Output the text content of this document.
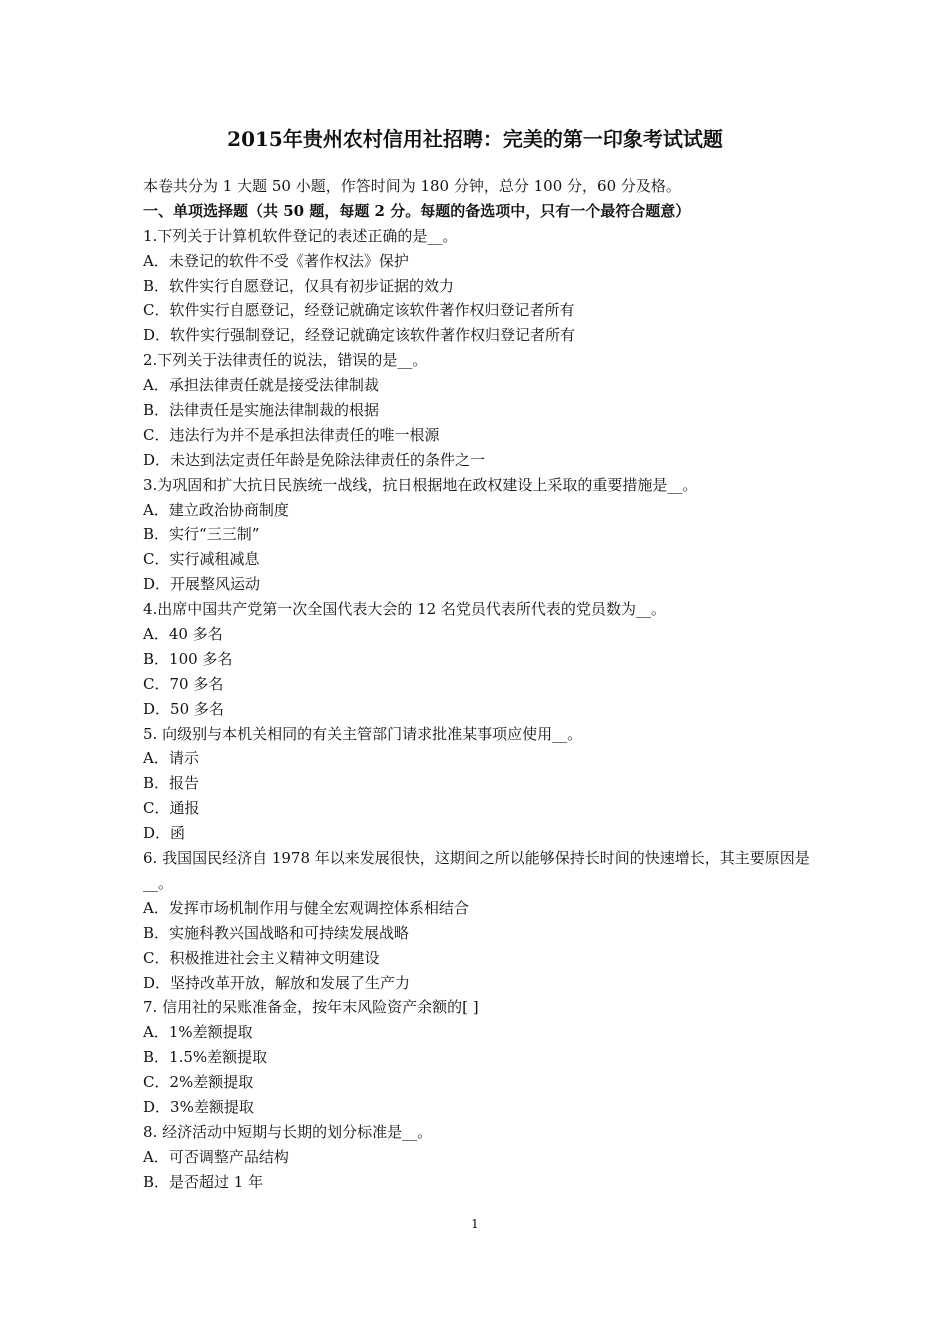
2015年贵州农村信用社招聘：完美的第一印象考试试题
本卷共分为 1 大题 50 小题，作答时间为 180 分钟，总分 100 分，60 分及格。
一、单项选择题（共 50 题，每题 2 分。每题的备选项中，只有一个最符合题意）
1.下列关于计算机软件登记的表述正确的是__。
A．未登记的软件不受《著作权法》保护
B．软件实行自愿登记，仅具有初步证据的效力
C．软件实行自愿登记，经登记就确定该软件著作权归登记者所有
D．软件实行强制登记，经登记就确定该软件著作权归登记者所有
2.下列关于法律责任的说法，错误的是__。
A．承担法律责任就是接受法律制裁
B．法律责任是实施法律制裁的根据
C．违法行为并不是承担法律责任的唯一根源
D．未达到法定责任年龄是免除法律责任的条件之一
3.为巩固和扩大抗日民族统一战线，抗日根据地在政权建设上采取的重要措施是__。
A．建立政治协商制度
B．实行“三三制”
C．实行减租减息
D．开展整风运动
4.出席中国共产党第一次全国代表大会的 12 名党员代表所代表的党员数为__。
A．40 多名
B．100 多名
C．70 多名
D．50 多名
5. 向级别与本机关相同的有关主管部门请求批准某事项应使用__。
A．请示
B．报告
C．通报
D．函
6. 我国国民经济自 1978 年以来发展很快，这期间之所以能够保持长时间的快速增长，其主要原因是__。
A．发挥市场机制作用与健全宏观调控体系相结合
B．实施科教兴国战略和可持续发展战略
C．积极推进社会主义精神文明建设
D．坚持改革开放，解放和发展了生产力
7. 信用社的呆账准备金，按年末风险资产余额的[ ]
A．1%差额提取
B．1.5%差额提取
C．2%差额提取
D．3%差额提取
8. 经济活动中短期与长期的划分标准是__。
A．可否调整产品结构
B．是否超过 1 年
1
